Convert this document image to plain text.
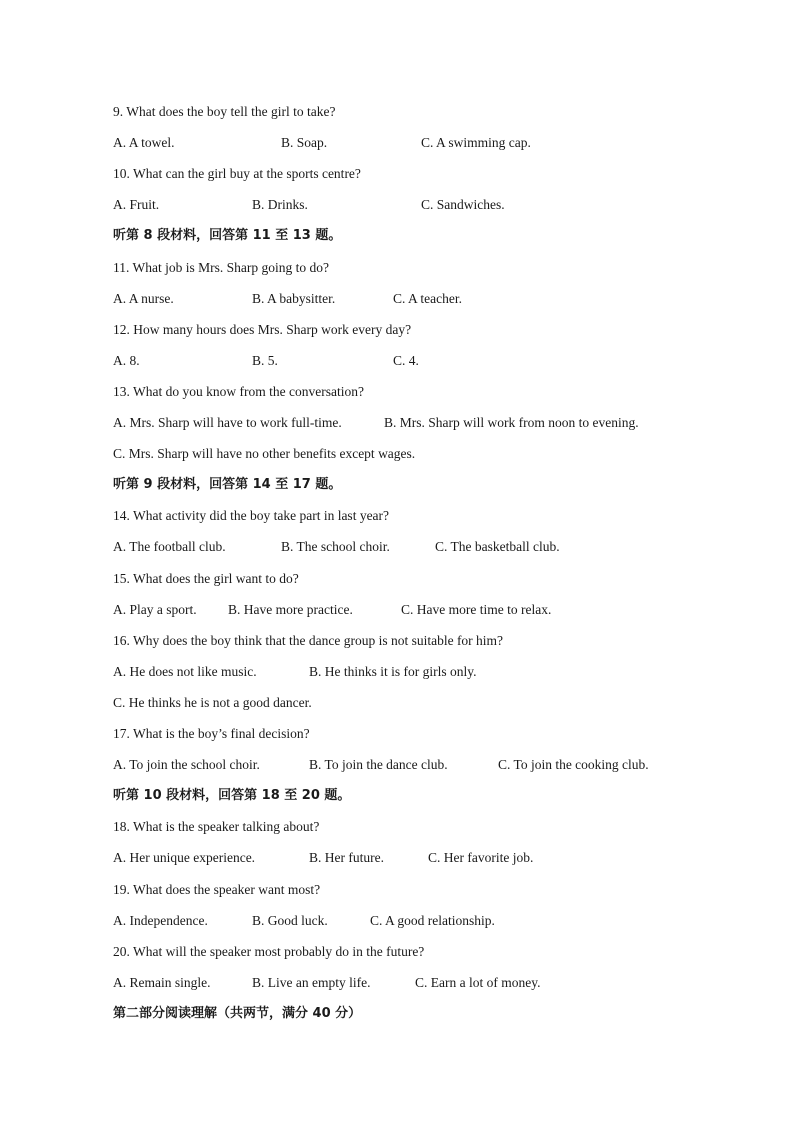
9. What does the boy tell the girl to take?
A. A towel.	B. Soap.	C. A swimming cap.
10. What can the girl buy at the sports centre?
A. Fruit.	B. Drinks.	C. Sandwiches.
听第 8 段材料，回答第 11 至 13 题。
11. What job is Mrs. Sharp going to do?
A. A nurse.	B. A babysitter.	C. A teacher.
12. How many hours does Mrs. Sharp work every day?
A. 8.	B. 5.	C. 4.
13. What do you know from the conversation?
A. Mrs. Sharp will have to work full-time.	B. Mrs. Sharp will work from noon to evening.
C. Mrs. Sharp will have no other benefits except wages.
听第 9 段材料，回答第 14 至 17 题。
14. What activity did the boy take part in last year?
A. The football club.	B. The school choir.	C. The basketball club.
15. What does the girl want to do?
A. Play a sport. B. Have more practice.	C. Have more time to relax.
16. Why does the boy think that the dance group is not suitable for him?
A. He does not like music.	B. He thinks it is for girls only.
C. He thinks he is not a good dancer.
17. What is the boy’s final decision?
A. To join the school choir.	B. To join the dance club.	C. To join the cooking club.
听第 10 段材料，回答第 18 至 20 题。
18. What is the speaker talking about?
A. Her unique experience.	B. Her future.	C. Her favorite job.
19. What does the speaker want most?
A. Independence.	B. Good luck.	C. A good relationship.
20. What will the speaker most probably do in the future?
A. Remain single.	B. Live an empty life.	C. Earn a lot of money.
第二部分阅读理解（共两节，满分 40 分）
